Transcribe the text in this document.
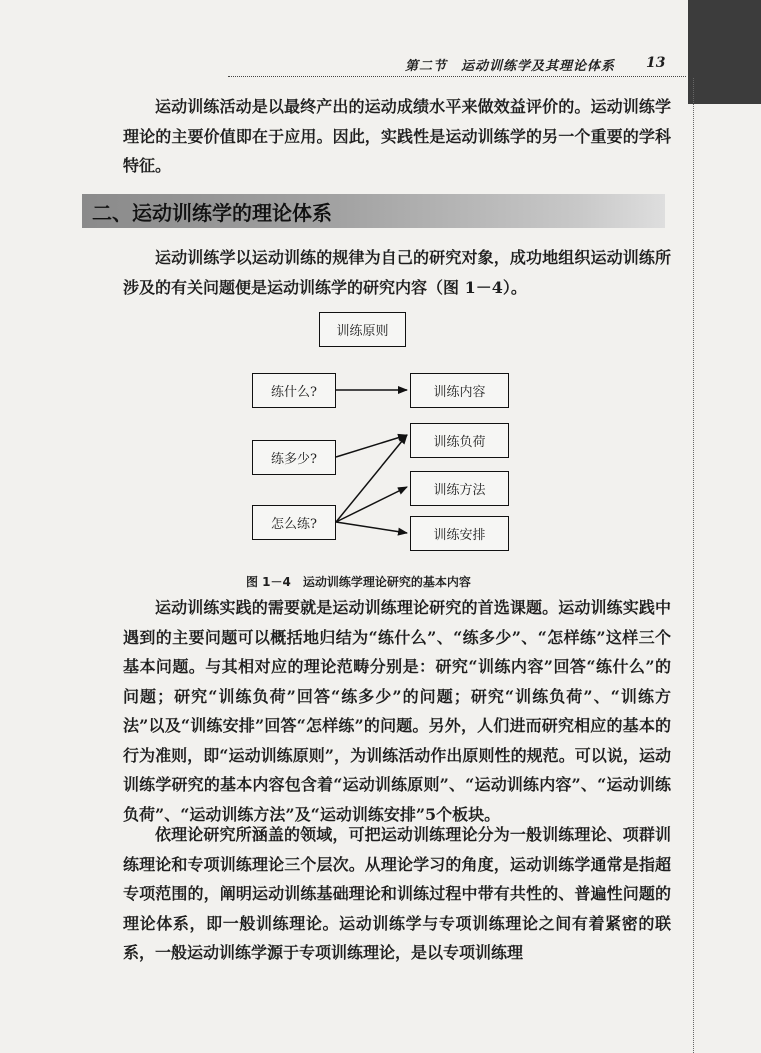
第二节　运动训练学及其理论体系 13

运动训练活动是以最终产出的运动成绩水平来做效益评价的。运动训练学理论的主要价值即在于应用。因此，实践性是运动训练学的另一个重要的学科特征。

二、运动训练学的理论体系

运动训练学以运动训练的规律为自己的研究对象，成功地组织运动训练所涉及的有关问题便是运动训练学的研究内容（图 1－4）。

训练原则
练什么?	训练内容
练多少?
训练负荷
训练方法
怎么练?
训练安排
图 1－4　运动训练学理论研究的基本内容

运动训练实践的需要就是运动训练理论研究的首选课题。运动训练实践中遇到的主要问题可以概括地归结为“练什么”、“练多少”、“怎样练”这样三个基本问题。与其相对应的理论范畴分别是：研究“训练内容”回答“练什么”的问题；研究“训练负荷”回答“练多少”的问题；研究“训练负荷”、“训练方法”以及“训练安排”回答“怎样练”的问题。另外，人们进而研究相应的基本的行为准则，即“运动训练原则”，为训练活动作出原则性的规范。可以说，运动训练学研究的基本内容包含着“运动训练原则”、“运动训练内容”、“运动训练负荷”、“运动训练方法”及“运动训练安排”5个板块。

依理论研究所涵盖的领域，可把运动训练理论分为一般训练理论、项群训练理论和专项训练理论三个层次。从理论学习的角度，运动训练学通常是指超专项范围的，阐明运动训练基础理论和训练过程中带有共性的、普遍性问题的理论体系，即一般训练理论。运动训练学与专项训练理论之间有着紧密的联系，一般运动训练学源于专项训练理论，是以专项训练理
